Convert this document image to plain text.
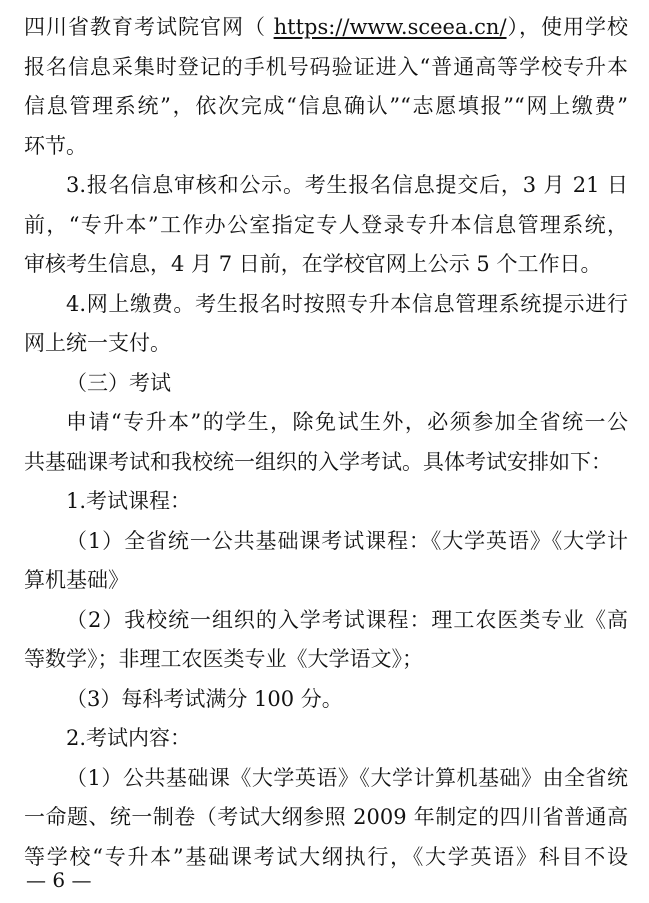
四川省教育考试院官网（ https://www.sceea.cn/），使用学校
报名信息采集时登记的手机号码验证进入“普通高等学校专升本
信息管理系统”，依次完成“信息确认”“志愿填报”“网上缴费”
环节。
3.报名信息审核和公示。考生报名信息提交后，3 月 21 日
前，“专升本”工作办公室指定专人登录专升本信息管理系统，
审核考生信息，4 月 7 日前，在学校官网上公示 5 个工作日。
4.网上缴费。考生报名时按照专升本信息管理系统提示进行
网上统一支付。
（三）考试
申请“专升本”的学生，除免试生外，必须参加全省统一公
共基础课考试和我校统一组织的入学考试。具体考试安排如下：
1.考试课程：
（1）全省统一公共基础课考试课程：《大学英语》《大学计
算机基础》
（2）我校统一组织的入学考试课程：理工农医类专业《高
等数学》；非理工农医类专业《大学语文》；
（3）每科考试满分 100 分。
2.考试内容：
（1）公共基础课《大学英语》《大学计算机基础》由全省统
一命题、统一制卷（考试大纲参照 2009 年制定的四川省普通高
等学校“专升本”基础课考试大纲执行，《大学英语》科目不设
— 6 —
